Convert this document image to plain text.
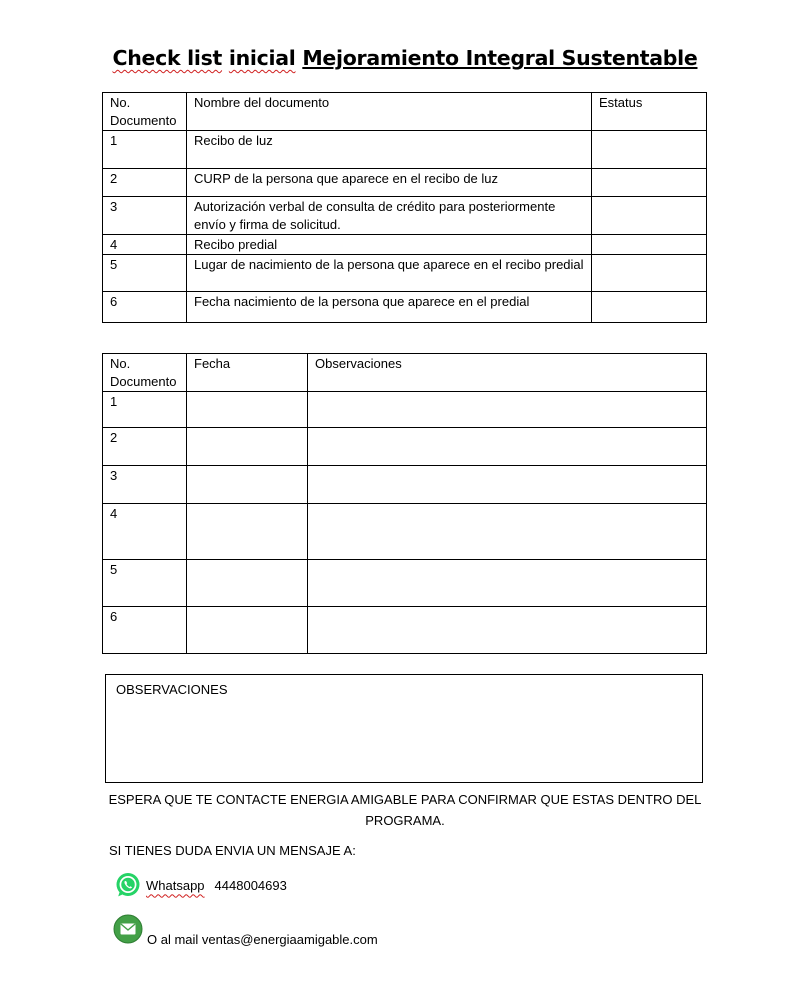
Check list inicial Mejoramiento Integral Sustentable
No. Documento	Nombre del documento	Estatus
1	Recibo de luz	
2	CURP de la persona que aparece en el recibo de luz	
3	Autorización verbal de consulta de crédito para posteriormente envío y firma de solicitud.	
4	Recibo predial	
5	Lugar de nacimiento de la persona que aparece en el recibo predial	
6	Fecha nacimiento de la persona que aparece en el predial	
No. Documento	Fecha	Observaciones
1		
2		
3		
4		
5		
6		
OBSERVACIONES
ESPERA QUE TE CONTACTE ENERGIA AMIGABLE PARA CONFIRMAR QUE ESTAS DENTRO DEL PROGRAMA.
SI TIENES DUDA ENVIA UN MENSAJE A:
Whatsapp 4448004693
O al mail ventas@energiaamigable.com
